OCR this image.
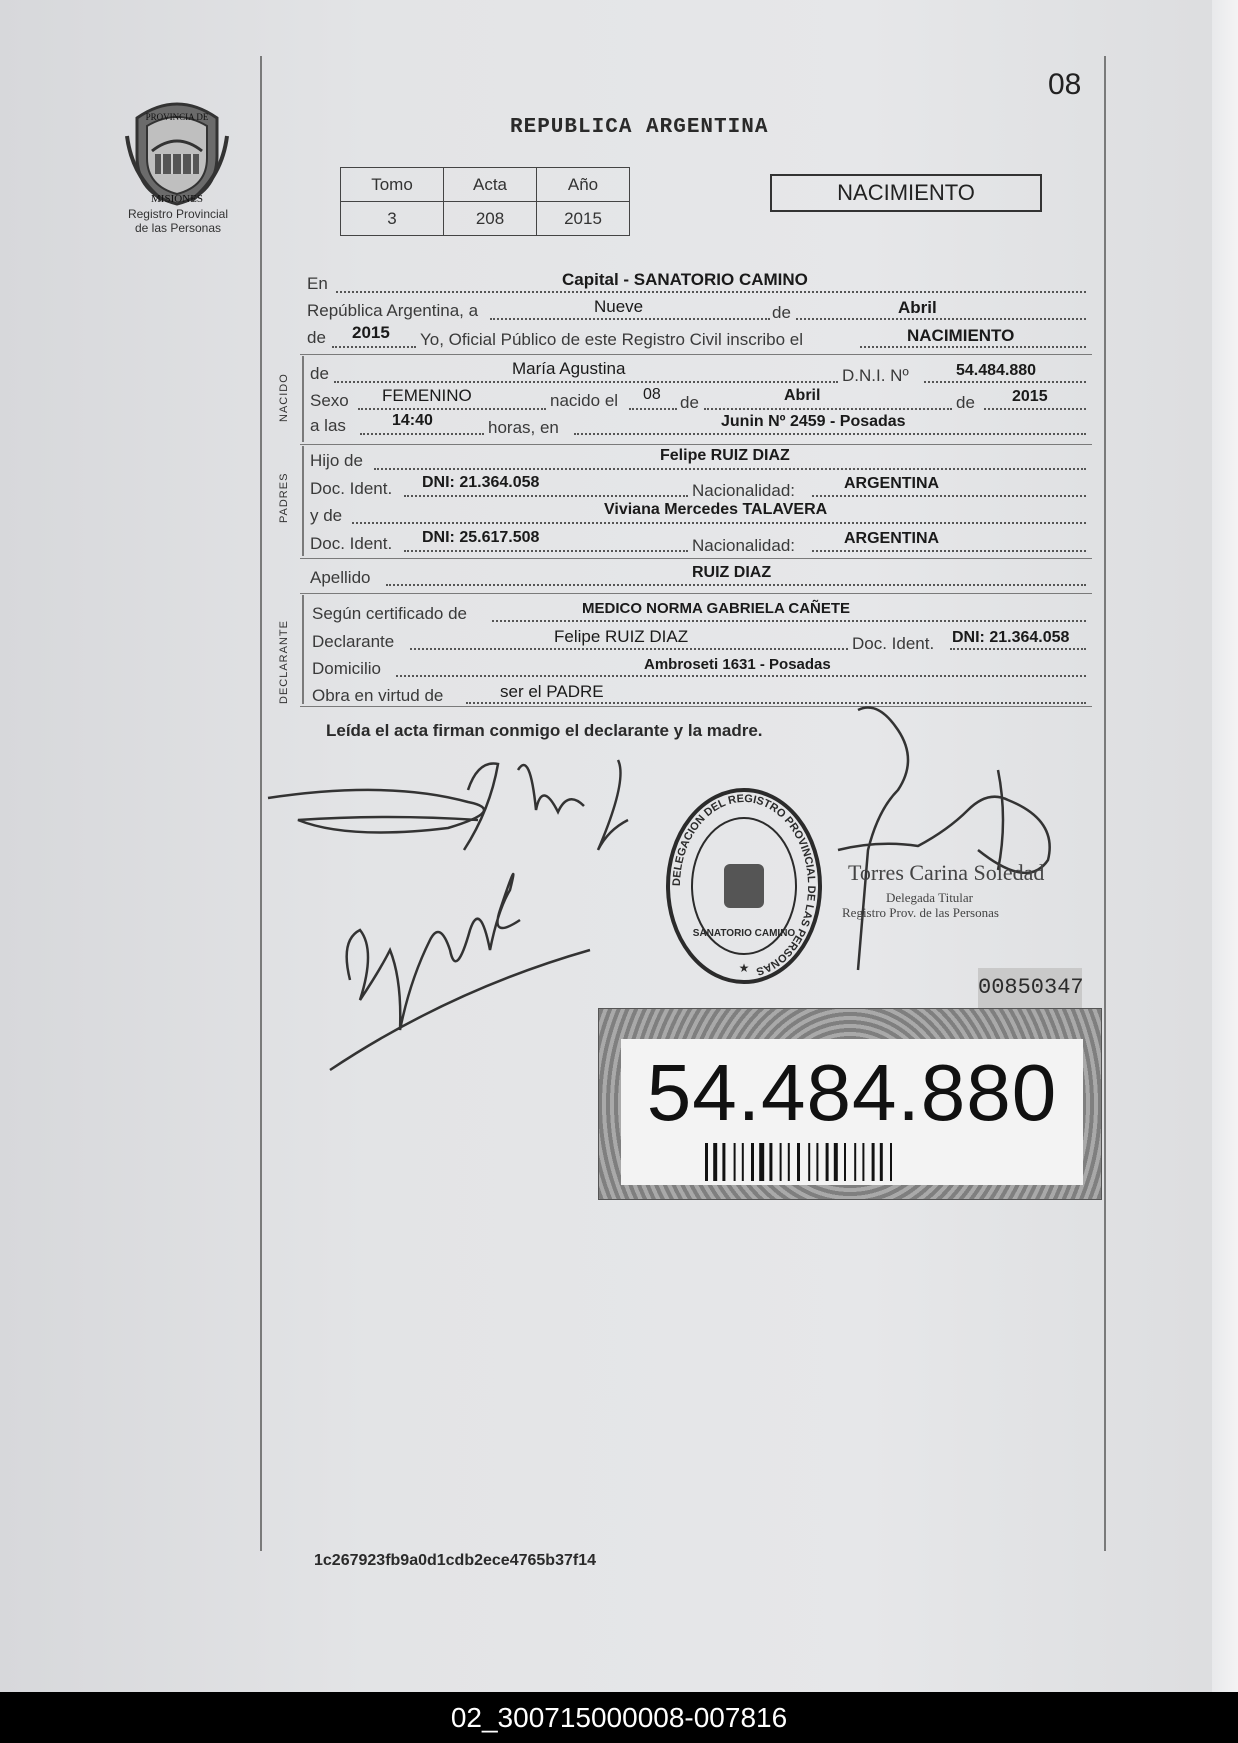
PROVINCIA DE
MISIONES
Registro Provincial
de las Personas
08
REPUBLICA ARGENTINA
Tomo	Acta	Año
3	208	2015
NACIMIENTO
NACIDO
PADRES
DECLARANTE
En	Capital - SANATORIO CAMINO
República Argentina, a	Nueve	de	Abril
de 2015 Yo, Oficial Público de este Registro Civil inscribo el	NACIMIENTO
de	María Agustina	D.N.I. Nº	54.484.880
Sexo FEMENINO	nacido el 08 de	Abril	de 2015
a las	14:40	horas, en	Junin Nº 2459 - Posadas
Hijo de	Felipe RUIZ DIAZ
Doc. Ident. DNI: 21.364.058	Nacionalidad:	ARGENTINA
y de	Viviana Mercedes TALAVERA
Doc. Ident. DNI: 25.617.508	Nacionalidad:	ARGENTINA
Apellido	RUIZ DIAZ
Según certificado de	MEDICO NORMA GABRIELA CAÑETE
Declarante	Felipe RUIZ DIAZ	Doc. Ident. DNI: 21.364.058
Domicilio	Ambroseti 1631 - Posadas
Obra en virtud de	ser el PADRE
Leída el acta firman conmigo el declarante y la madre.
DELEGACION DEL REGISTRO PROVINCIAL DE LAS PERSONAS
SANATORIO CAMINO
★
Torres Carina Soledad
Delegada Titular
Registro Prov. de las Personas
00850347
54.484.880
1c267923fb9a0d1cdb2ece4765b37f14
02_300715000008-007816
